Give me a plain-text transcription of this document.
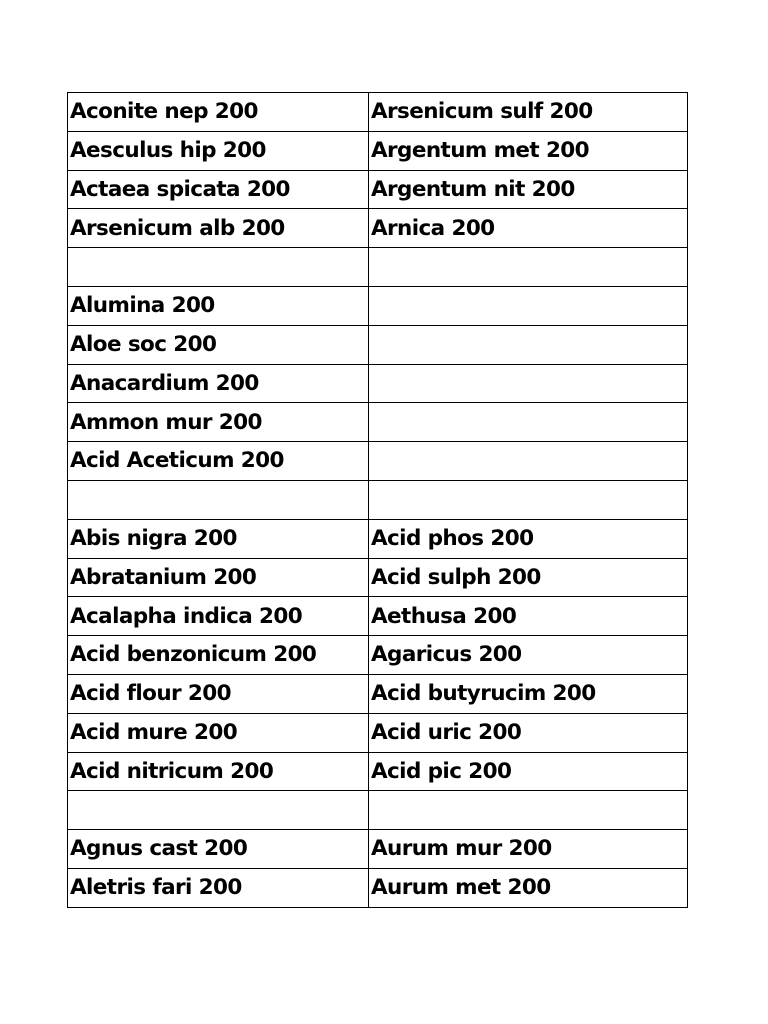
Aconite nep 200	Arsenicum sulf 200
Aesculus hip 200	Argentum met 200
Actaea spicata 200	Argentum nit 200
Arsenicum alb 200	Arnica 200

Alumina 200	
Aloe soc 200	
Anacardium 200	
Ammon mur 200	
Acid Aceticum 200	

Abis nigra 200	Acid phos 200
Abratanium 200	Acid sulph 200
Acalapha indica 200	Aethusa 200
Acid benzonicum 200	Agaricus 200
Acid flour 200	Acid butyrucim 200
Acid mure 200	Acid uric 200
Acid nitricum 200	Acid pic 200

Agnus cast 200	Aurum mur 200
Aletris fari 200	Aurum met 200
